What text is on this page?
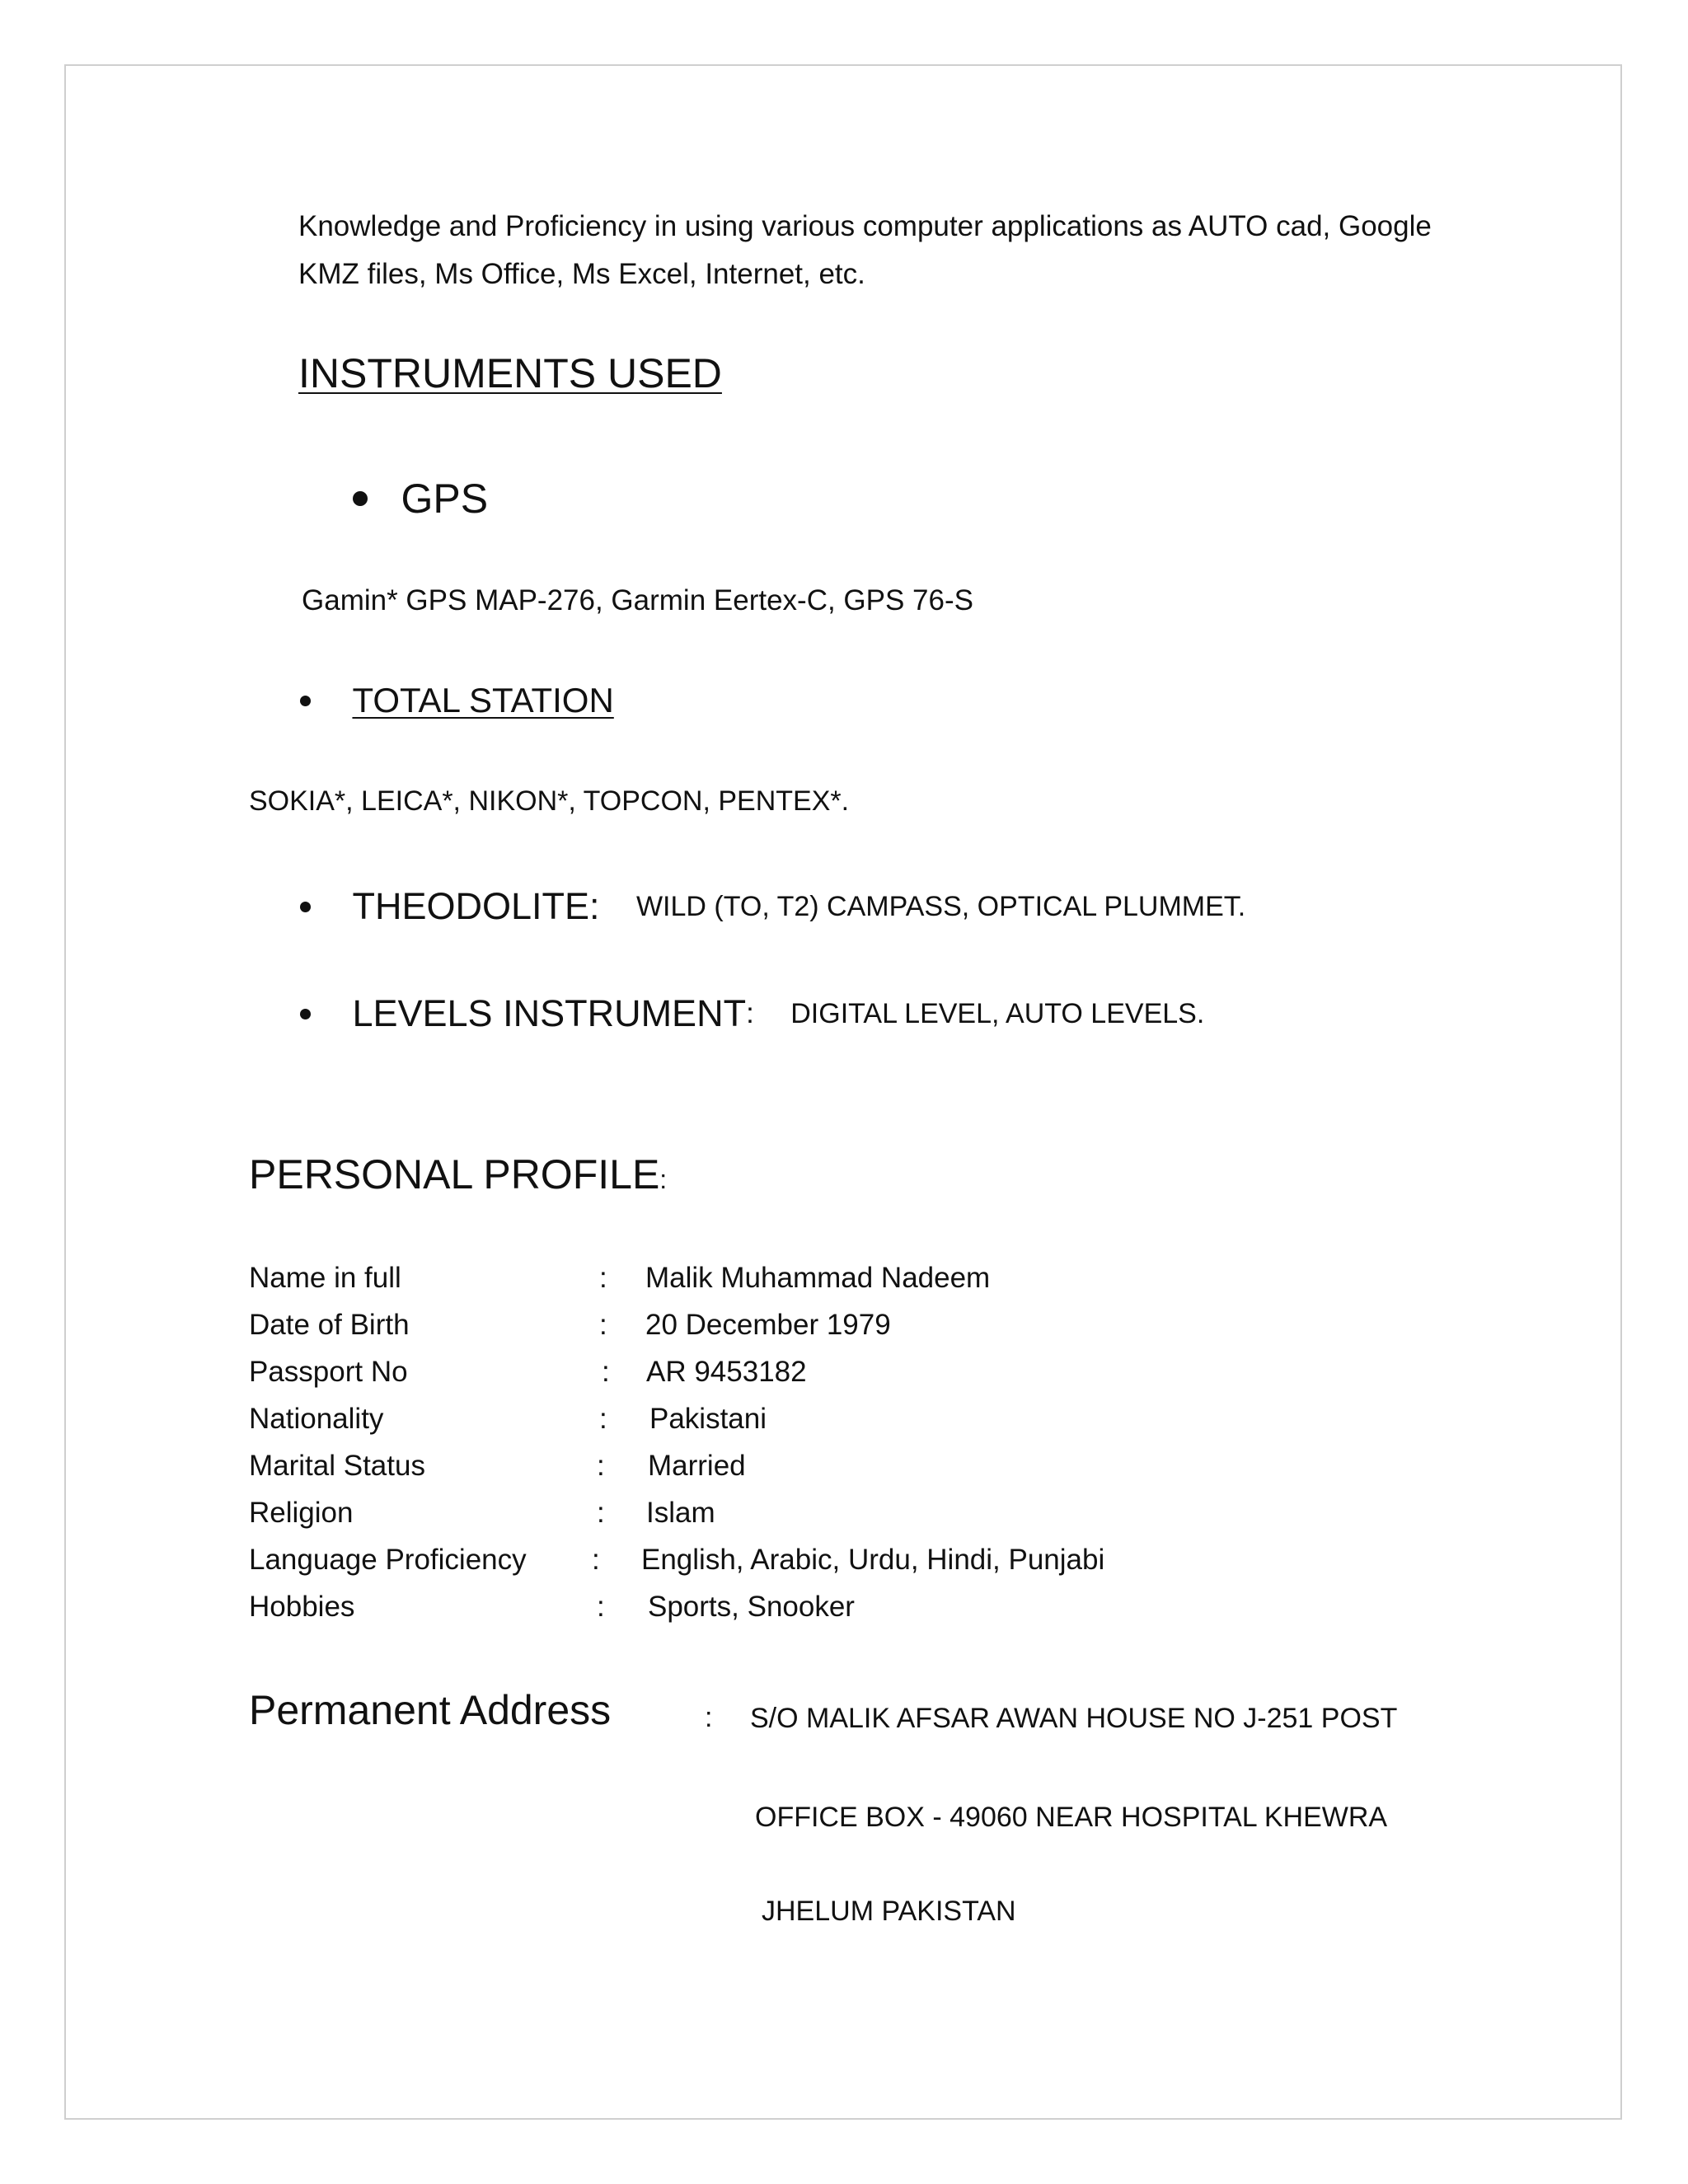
Knowledge and Proficiency in using various computer applications as AUTO cad, Google
KMZ files, Ms Office, Ms Excel, Internet, etc.
INSTRUMENTS USED
GPS
Gamin* GPS MAP-276, Garmin Eertex-C, GPS 76-S
TOTAL STATION
SOKIA*, LEICA*, NIKON*, TOPCON, PENTEX*.
THEODOLITE: WILD (TO, T2) CAMPASS, OPTICAL PLUMMET.
LEVELS INSTRUMENT: DIGITAL LEVEL, AUTO LEVELS.
PERSONAL PROFILE:
Name in full	: Malik Muhammad Nadeem
Date of Birth	: 20 December 1979
Passport No	: AR 9453182
Nationality	: Pakistani
Marital Status	: Married
Religion	: Islam
Language Proficiency : English, Arabic, Urdu, Hindi, Punjabi
Hobbies	: Sports, Snooker
Permanent Address	: S/O MALIK AFSAR AWAN HOUSE NO J-251 POST
OFFICE BOX - 49060 NEAR HOSPITAL KHEWRA
JHELUM PAKISTAN
